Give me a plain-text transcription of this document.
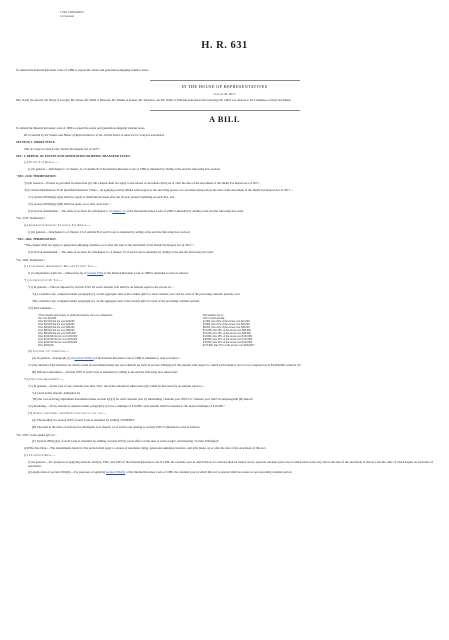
115th CONGRESS
1st Session
H. R. 631
To amend the Internal Revenue Code of 1986 to repeal the estate and generation-skipping transfer taxes.
IN THE HOUSE OF REPRESENTATIVES
January 24, 2017
Mrs. Noem (for herself, Mr. Brady of Georgia, Mr. Nunes, Mr. Smith of Missouri, Mr. Jenkins of Kansas, Mr. Davidson, and Mr. Smith of Nebraska) introduced the following bill; which was referred to the Committee on Ways and Means
A BILL

To amend the Internal Revenue Code of 1986 to repeal the estate and generation-skipping transfer taxes.

Be it enacted by the Senate and House of Representatives of the United States of America in Congress assembled,

SECTION 1. SHORT TITLE.

This Act may be cited as the "Death Tax Repeal Act of 2017".

SEC. 2. REPEAL OF ESTATE AND GENERATION-SKIPPING TRANSFER TAXES.

(a) Estate Tax Repeal.—

(1) In general.—Subchapter C of chapter 11 of subtitle B of the Internal Revenue Code of 1986 is amended by adding at the end the following new section:

"SEC. 2210. TERMINATION.

"(a) In General.—Except as provided in subsection (b), this chapter shall not apply to the estates of decedents dying on or after the date of the enactment of the Death Tax Repeal Act of 2017.

"(b) Certain Distributions From Qualified Domestic Trusts.—In applying section 2056A with respect to the surviving spouse of a decedent dying before the date of the enactment of the Death Tax Repeal Act of 2017—

"(1) section 2056A(b)(1)(A) shall not apply to distributions made after the 10-year period beginning on such date, and

"(2) section 2056A(b)(1)(B) shall not apply on or after such date.".

(2) Clerical amendment.—The table of sections for subchapter C of chapter 11 of the Internal Revenue Code of 1986 is amended by adding at the end the following new item:

"Sec. 2210. Termination.".

(b) Generation-Skipping Transfer Tax Repeal.—

(1) In general.—Subchapter G of chapter 13 of subtitle B of such Code is amended by adding at the end the following new section:

"SEC. 2664. TERMINATION.

"This chapter shall not apply to generation-skipping transfers on or after the date of the enactment of the Death Tax Repeal Act of 2017.".

(2) Clerical amendment.—The table of sections for subchapter G of chapter 13 of such Code is amended by adding at the end the following new item:

"Sec. 2664. Termination.".

(c) Conforming Amendments Related To Gift Tax.—

(1) Computation of gift tax.—Subsection (a) of section 2502 of the Internal Revenue Code of 1986 is amended to read as follows:

"(a) Computation Of Tax.—

"(1) In general.—The tax imposed by section 2501 for each calendar year shall be an amount equal to the excess of—

"(A) a tentative tax, computed under paragraph (2), on the aggregate sum of the taxable gifts for such calendar year and for each of the preceding calendar periods, over

"(B) a tentative tax, computed under paragraph (2), on the aggregate sum of the taxable gifts for each of the preceding calendar periods.

"(2) Rate schedule.—

"If the amount with respect to which the tentative tax to be computed is:
Not over $10,000
Over $10,000 but not over $20,000
Over $20,000 but not over $40,000
Over $40,000 but not over $60,000
Over $60,000 but not over $80,000
Over $80,000 but not over $100,000
Over $100,000 but not over $150,000
Over $150,000 but not over $250,000
Over $250,000 but not over $500,000
Over $500,000
The tentative tax is:
18% of such amount.
$1,800, plus 20% of the excess over $10,000.
$3,800, plus 22% of the excess over $20,000.
$8,200, plus 24% of the excess over $40,000.
$13,000, plus 26% of the excess over $60,000.
$18,200, plus 28% of the excess over $80,000.
$23,800, plus 30% of the excess over $100,000.
$38,800, plus 32% of the excess over $150,000.
$70,800, plus 34% of the excess over $250,000.
$155,800, plus 35% of the excess over $500,000."

(2) Lifetime gift exemption.—

(A) In general.—Paragraph (1) of section 2505(a) of the Internal Revenue Code of 1986 is amended to read as follows:

"(1) the amount of the tentative tax which would be determined under the rate schedule set forth in section 2502(a)(2) if the amount with respect to which such tentative tax is to be computed were $5,000,000, reduced by".

(B) Inflation adjustment.—Section 2505 of such Code is amended by adding at the end the following new subsection:

"(d) Inflation Adjustment.—

"(1) In general.—In the case of any calendar year after 2011, the dollar amount in subsection (a)(1) shall be increased by an amount equal to—

"(A) such dollar amount, multiplied by

"(B) the cost-of-living adjustment determined under section 1(f)(3) for such calendar year by substituting 'calendar year 2010' for 'calendar year 1992' in subparagraph (B) thereof.

"(2) Rounding.—If any amount as adjusted under paragraph (1) is not a multiple of $10,000, such amount shall be rounded to the nearest multiple of $10,000.".

(3) Other conforming amendments related to gift tax.—

(A) The heading for section 2505 of such Code is amended by striking "UNIFIED".

(B) The item in the table of sections for subchapter A of chapter 12 of such Code relating to section 2505 is amended to read as follows:

"Sec. 2505. Credit against gift tax.".

(C) Section 2801(a)(1) of such Code is amended by striking "section 2001(c) as in effect on the date of such receipt" and inserting "section 2502(a)(2)".

(d) Effective Date.—The amendments made by this section shall apply to estates of decedents dying, generation-skipping transfers, and gifts made, on or after the date of the enactment of this Act.

(e) Transition Rule.—

(1) In general.—For purposes of applying sections 1015(d), 2502, and 2505 of the Internal Revenue Code of 1986, the calendar year in which this Act is enacted shall be treated as two separate calendar years one of which ends on the day before the date of the enactment of this Act and the other of which begins on such date of enactment.

(2) Application of section 2504(b).—For purposes of applying section 2504(b) of the Internal Revenue Code of 1986, the calendar year in which this Act is enacted shall be treated as one preceding calendar period.
